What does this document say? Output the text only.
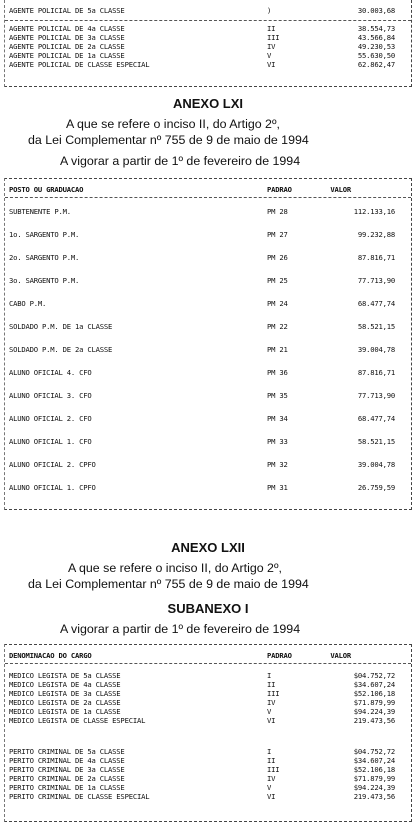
AGENTE POLICIAL DE 5a CLASSE	)	30.003,68
AGENTE POLICIAL DE 4a CLASSE	II	38.554,73
AGENTE POLICIAL DE 3a CLASSE	III	43.566,84
AGENTE POLICIAL DE 2a CLASSE	IV	49.230,53
AGENTE POLICIAL DE 1a CLASSE	V	55.630,50
AGENTE POLICIAL DE CLASSE ESPECIAL	VI	62.862,47
ANEXO LXI
A que se refere o inciso II, do Artigo 2º,
da Lei Complementar nº 755 de 9 de maio de 1994
A vigorar a partir de 1º de fevereiro de 1994
POSTO OU GRADUACAO	PADRAO	VALOR
SUBTENENTE P.M.	PM 28	112.133,16
1o. SARGENTO P.M.	PM 27	99.232,88
2o. SARGENTO P.M.	PM 26	87.816,71
3o. SARGENTO P.M.	PM 25	77.713,90
CABO P.M.	PM 24	68.477,74
SOLDADO P.M. DE 1a CLASSE	PM 22	58.521,15
SOLDADO P.M. DE 2a CLASSE	PM 21	39.004,78
ALUNO OFICIAL 4. CFO	PM 36	87.816,71
ALUNO OFICIAL 3. CFO	PM 35	77.713,90
ALUNO OFICIAL 2. CFO	PM 34	68.477,74
ALUNO OFICIAL 1. CFO	PM 33	58.521,15
ALUNO OFICIAL 2. CPFO	PM 32	39.004,78
ALUNO OFICIAL 1. CPFO	PM 31	26.759,59
ANEXO LXII
A que se refere o inciso II, do Artigo 2º,
da Lei Complementar nº 755 de 9 de maio de 1994
SUBANEXO I
A vigorar a partir de 1º de fevereiro de 1994
DENOMINACAO DO CARGO	PADRAO	VALOR
MEDICO LEGISTA DE 5a CLASSE	I	$04.752,72
MEDICO LEGISTA DE 4a CLASSE	II	$34.607,24
MEDICO LEGISTA DE 3a CLASSE	III	$52.106,18
MEDICO LEGISTA DE 2a CLASSE	IV	$71.879,99
MEDICO LEGISTA DE 1a CLASSE	V	$94.224,39
MEDICO LEGISTA DE CLASSE ESPECIAL	VI	219.473,56
PERITO CRIMINAL DE 5a CLASSE	I	$04.752,72
PERITO CRIMINAL DE 4a CLASSE	II	$34.607,24
PERITO CRIMINAL DE 3a CLASSE	III	$52.106,18
PERITO CRIMINAL DE 2a CLASSE	IV	$71.879,99
PERITO CRIMINAL DE 1a CLASSE	V	$94.224,39
PERITO CRIMINAL DE CLASSE ESPECIAL	VI	219.473,56
